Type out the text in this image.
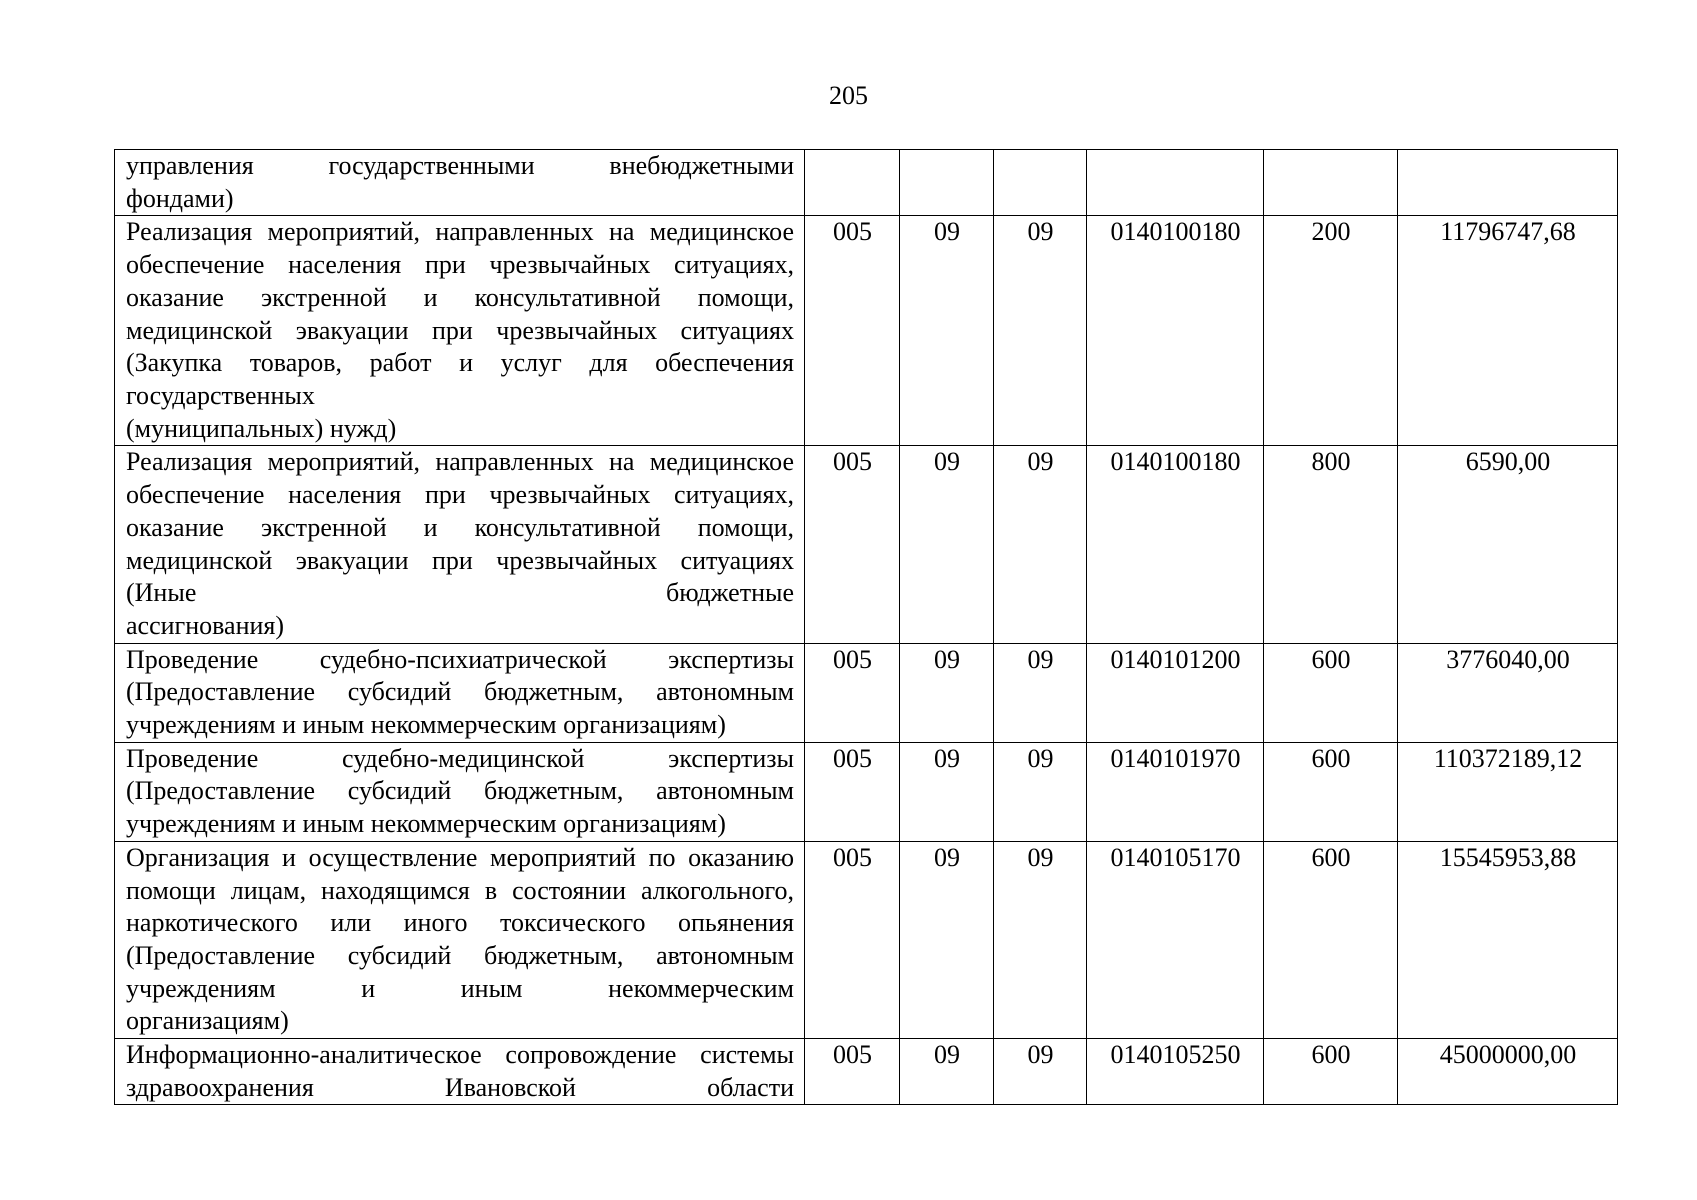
205
управления государственными внебюджетными
фондами)						

Реализация мероприятий, направленных на медицинское обеспечение населения при чрезвычайных ситуациях, оказание экстренной и консультативной помощи, медицинской эвакуации при чрезвычайных ситуациях (Закупка товаров, работ и услуг для обеспечения государственных
(муниципальных) нужд)	005	09	09	0140100180	200	11796747,68

Реализация мероприятий, направленных на медицинское обеспечение населения при чрезвычайных ситуациях, оказание экстренной и консультативной помощи, медицинской эвакуации при чрезвычайных ситуациях (Иные бюджетные
ассигнования)	005	09	09	0140100180	800	6590,00

Проведение судебно-психиатрической экспертизы (Предоставление субсидий бюджетным, автономным
учреждениям и иным некоммерческим организациям)	005	09	09	0140101200	600	3776040,00

Проведение судебно-медицинской экспертизы (Предоставление субсидий бюджетным, автономным
учреждениям и иным некоммерческим организациям)	005	09	09	0140101970	600	110372189,12

Организация и осуществление мероприятий по оказанию помощи лицам, находящимся в состоянии алкогольного, наркотического или иного токсического опьянения (Предоставление субсидий бюджетным, автономным учреждениям и иным некоммерческим
организациям)	005	09	09	0140105170	600	15545953,88

Информационно-аналитическое сопровождение системы здравоохранения Ивановской области	005	09	09	0140105250	600	45000000,00
